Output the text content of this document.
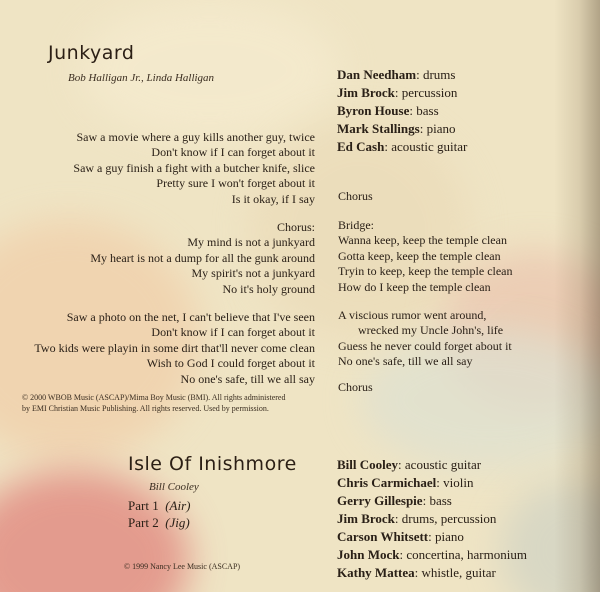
Junkyard
Bob Halligan Jr., Linda Halligan
Saw a movie where a guy kills another guy, twice
Don't know if I can forget about it
Saw a guy finish a fight with a butcher knife, slice
Pretty sure I won't forget about it
Is it okay, if I say
Chorus:
My mind is not a junkyard
My heart is not a dump for all the gunk around
My spirit's not a junkyard
No it's holy ground
Saw a photo on the net, I can't believe that I've seen
Don't know if I can forget about it
Two kids were playin in some dirt that'll never come clean
Wish to God I could forget about it
No one's safe, till we all say
© 2000 WBOB Music (ASCAP)/Mima Boy Music (BMI). All rights administered
by EMI Christian Music Publishing. All rights reserved. Used by permission.
Dan Needham: drums
Jim Brock: percussion
Byron House: bass
Mark Stallings: piano
Ed Cash: acoustic guitar
Chorus
Bridge:
Wanna keep, keep the temple clean
Gotta keep, keep the temple clean
Tryin to keep, keep the temple clean
How do I keep the temple clean
A viscious rumor went around,
wrecked my Uncle John's, life
Guess he never could forget about it
No one's safe, till we all say
Chorus
Isle Of Inishmore
Bill Cooley
Part 1 (Air)
Part 2 (Jig)
© 1999 Nancy Lee Music (ASCAP)
Bill Cooley: acoustic guitar
Chris Carmichael: violin
Gerry Gillespie: bass
Jim Brock: drums, percussion
Carson Whitsett: piano
John Mock: concertina, harmonium
Kathy Mattea: whistle, guitar
